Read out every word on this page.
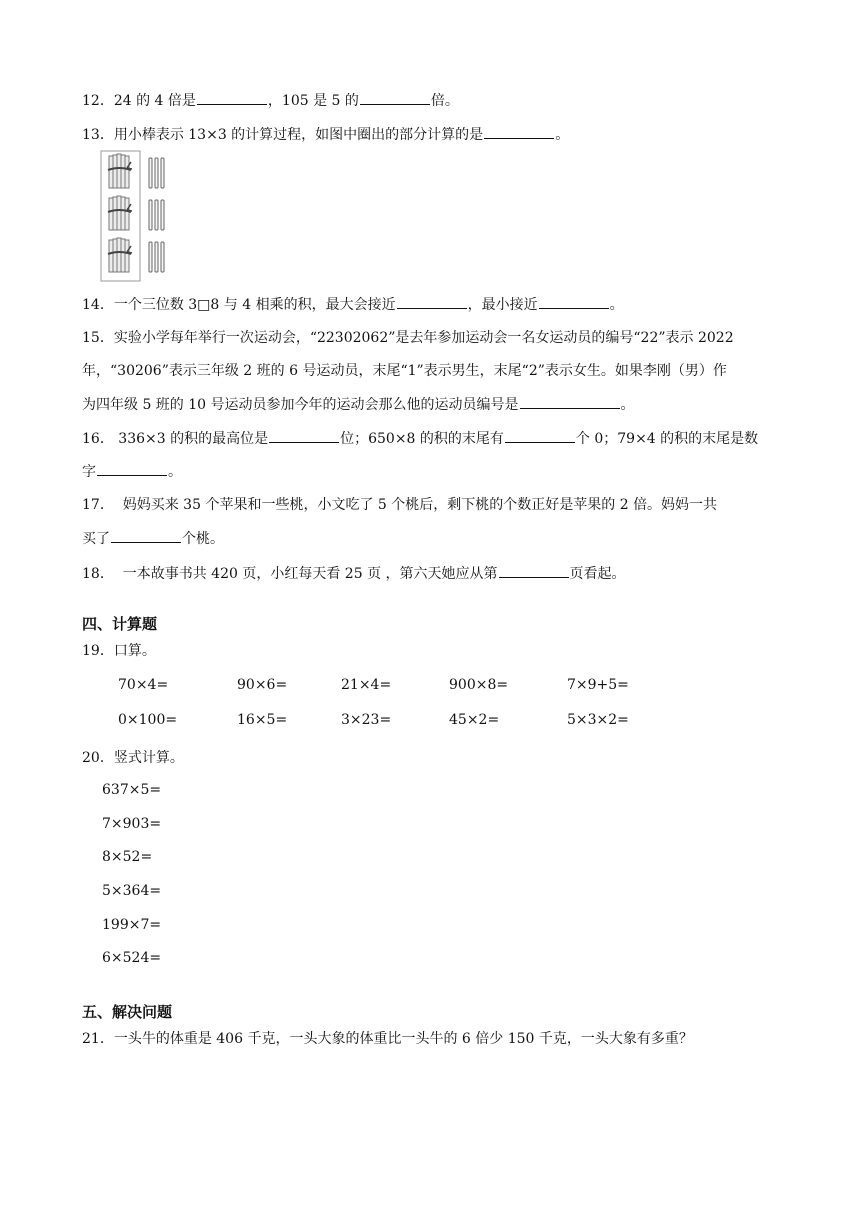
12．24 的 4 倍是	，105 是 5 的	倍。
13．用小棒表示 13×3 的计算过程，如图中圈出的部分计算的是	。
14．一个三位数 3□8 与 4 相乘的积，最大会接近	，最小接近	。
15．实验小学每年举行一次运动会，“22302062”是去年参加运动会一名女运动员的编号“22”表示 2022
年，“30206”表示三年级 2 班的 6 号运动员，末尾“1”表示男生，末尾“2”表示女生。如果李刚（男）作
为四年级 5 班的 10 号运动员参加今年的运动会那么他的运动员编号是	。
16． 336×3 的积的最高位是	位；650×8 的积的末尾有	个 0；79×4 的积的末尾是数
字	。
17． 妈妈买来 35 个苹果和一些桃，小文吃了 5 个桃后，剩下桃的个数正好是苹果的 2 倍。妈妈一共
买了	个桃。
18． 一本故事书共 420 页，小红每天看 25 页 ，第六天她应从第	页看起。
四、计算题
19．口算。
70×4=	90×6=	21×4=	900×8=	7×9+5=
0×100=	16×5=	3×23=	45×2=	5×3×2=
20．竖式计算。
637×5=
7×903=
8×52=
5×364=
199×7=
6×524=
五、解决问题
21．一头牛的体重是 406 千克，一头大象的体重比一头牛的 6 倍少 150 千克，一头大象有多重？
